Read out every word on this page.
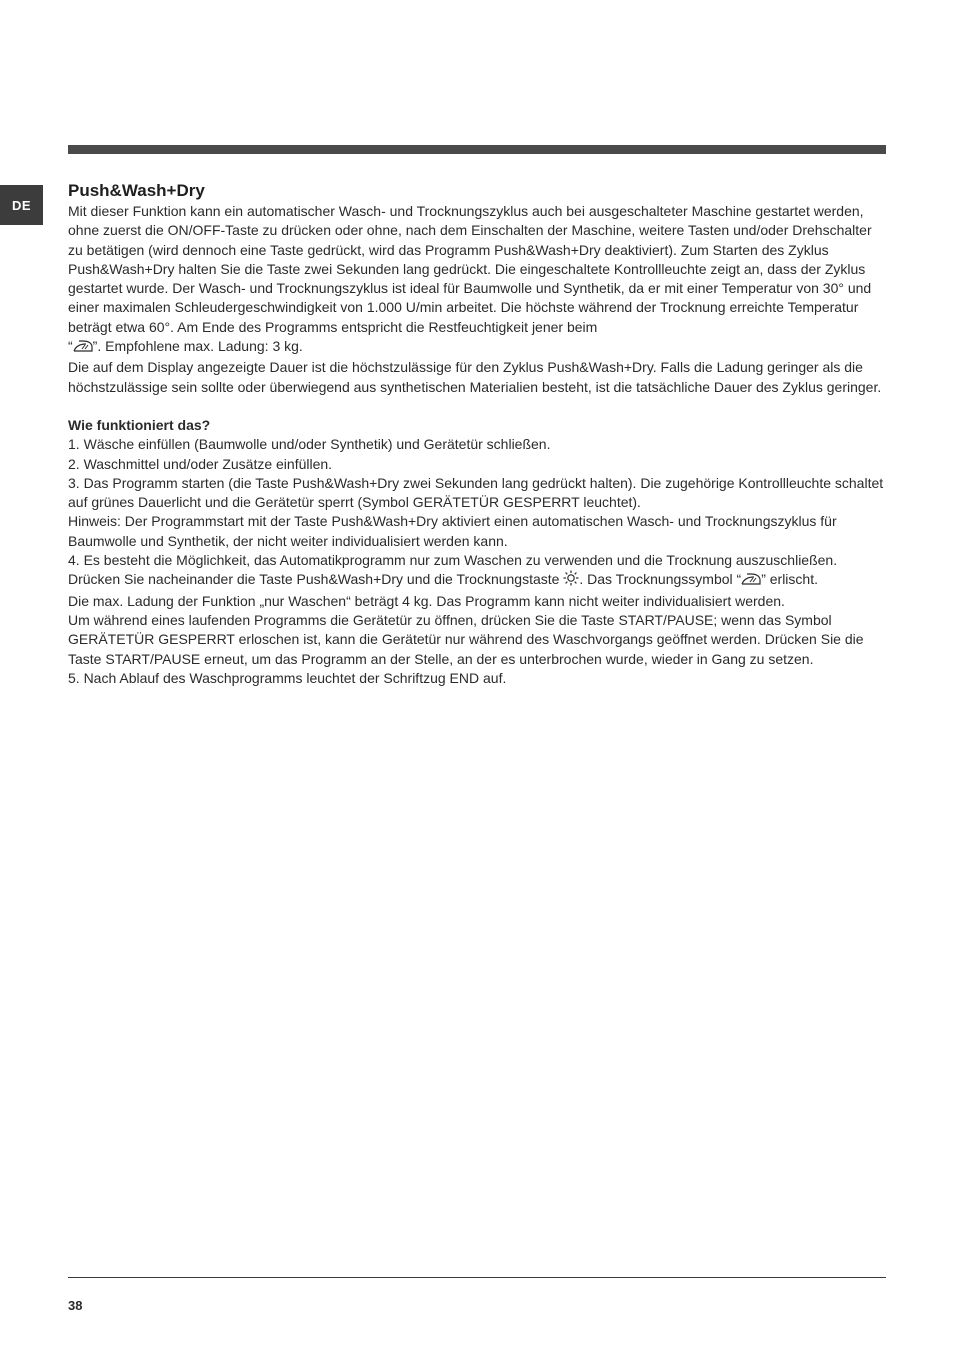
DE
Push&Wash+Dry

Mit dieser Funktion kann ein automatischer Wasch- und Trocknungszyklus auch bei ausgeschalteter Maschine gestartet werden, ohne zuerst die ON/OFF-Taste zu drücken oder ohne, nach dem Einschalten der Maschine, weitere Tasten und/oder Drehschalter zu betätigen (wird dennoch eine Taste gedrückt, wird das Programm Push&Wash+Dry deaktiviert). Zum Starten des Zyklus Push&Wash+Dry halten Sie die Taste zwei Sekunden lang gedrückt. Die eingeschaltete Kontrollleuchte zeigt an, dass der Zyklus gestartet wurde. Der Wasch- und Trocknungszyklus ist ideal für Baumwolle und Synthetik, da er mit einer Temperatur von 30° und einer maximalen Schleudergeschwindigkeit von 1.000 U/min arbeitet. Die höchste während der Trocknung erreichte Temperatur beträgt etwa 60°. Am Ende des Programms entspricht die Restfeuchtigkeit jener beim
“ ”. Empfohlene max. Ladung: 3 kg.

Die auf dem Display angezeigte Dauer ist die höchstzulässige für den Zyklus Push&Wash+Dry. Falls die Ladung geringer als die höchstzulässige sein sollte oder überwiegend aus synthetischen Materialien besteht, ist die tatsächliche Dauer des Zyklus geringer.

Wie funktioniert das?

1. Wäsche einfüllen (Baumwolle und/oder Synthetik) und Gerätetür schließen.

2. Waschmittel und/oder Zusätze einfüllen.

3. Das Programm starten (die Taste Push&Wash+Dry zwei Sekunden lang gedrückt halten). Die zugehörige Kontrollleuchte schaltet auf grünes Dauerlicht und die Gerätetür sperrt (Symbol GERÄTETÜR GESPERRT leuchtet).

Hinweis: Der Programmstart mit der Taste Push&Wash+Dry aktiviert einen automatischen Wasch- und Trocknungszyklus für Baumwolle und Synthetik, der nicht weiter individualisiert werden kann.

4. Es besteht die Möglichkeit, das Automatikprogramm nur zum Waschen zu verwenden und die Trocknung auszuschließen. Drücken Sie nacheinander die Taste Push&Wash+Dry und die Trocknungstaste . Das Trocknungssymbol “ ” erlischt.
Die max. Ladung der Funktion „nur Waschen“ beträgt 4 kg. Das Programm kann nicht weiter individualisiert werden.

Um während eines laufenden Programms die Gerätetür zu öffnen, drücken Sie die Taste START/PAUSE; wenn das Symbol GERÄTETÜR GESPERRT erloschen ist, kann die Gerätetür nur während des Waschvorgangs geöffnet werden. Drücken Sie die Taste START/PAUSE erneut, um das Programm an der Stelle, an der es unterbrochen wurde, wieder in Gang zu setzen.

5. Nach Ablauf des Waschprogramms leuchtet der Schriftzug END auf.

38
